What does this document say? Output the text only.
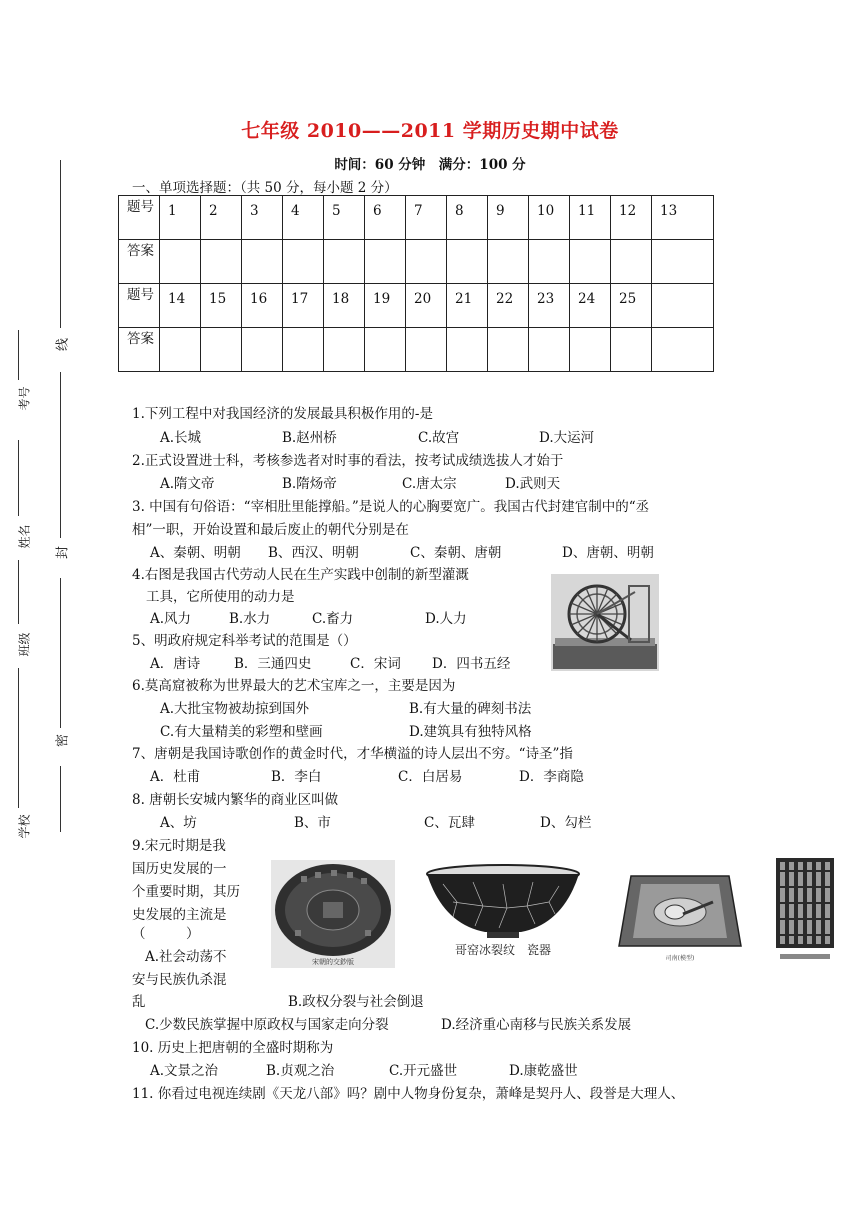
七年级 2010——2011 学期历史期中试卷
时间：60 分钟　满分：100 分
一、单项选择题：（共 50 分，每小题 2 分）
线
封
密
考号
姓名
班级
学校
题号	1	2	3	4	5	6	7	8	9	10	11	12	13
答案													
题号	14	15	16	17	18	19	20	21	22	23	24	25	
答案													
1.下列工程中对我国经济的发展最具积极作用的-是
A.长城	B.赵州桥	C.故宫	D.大运河
2.正式设置进士科，考核参选者对时事的看法，按考试成绩选拔人才始于
A.隋文帝	B.隋炀帝	C.唐太宗	D.武则天
3. 中国有句俗语：“宰相肚里能撑船。”是说人的心胸要宽广。我国古代封建官制中的“丞
相”一职，开始设置和最后废止的朝代分别是在
A、秦朝、明朝 B、西汉、明朝	C、秦朝、唐朝	D、唐朝、明朝
4.右图是我国古代劳动人民在生产实践中创制的新型灌溉
工具，它所使用的动力是
A.风力	B.水力	C.畜力	D.人力
5、明政府规定科举考试的范围是（）
A．唐诗	B．三通四史	C．宋词 D．四书五经
6.莫高窟被称为世界最大的艺术宝库之一，主要是因为
A.大批宝物被劫掠到国外	B.有大量的碑刻书法
C.有大量精美的彩塑和壁画	D.建筑具有独特风格
7、唐朝是我国诗歌创作的黄金时代，才华横溢的诗人层出不穷。“诗圣”指
A．杜甫	B．李白	C．白居易	D．李商隐
8. 唐朝长安城内繁华的商业区叫做
A、坊	B、市	C、瓦肆	D、勾栏
9.宋元时期是我
国历史发展的一
个重要时期，其历
史发展的主流是
（　　　）
A.社会动荡不
安与民族仇杀混
乱	B.政权分裂与社会倒退
C.少数民族掌握中原政权与国家走向分裂	D.经济重心南移与民族关系发展
宋朝的交鈔版
哥窑冰裂纹　瓷器
司南(模型)
10. 历史上把唐朝的全盛时期称为
A.文景之治	B.贞观之治	C.开元盛世	D.康乾盛世
11. 你看过电视连续剧《天龙八部》吗？剧中人物身份复杂，萧峰是契丹人、段誉是大理人、
